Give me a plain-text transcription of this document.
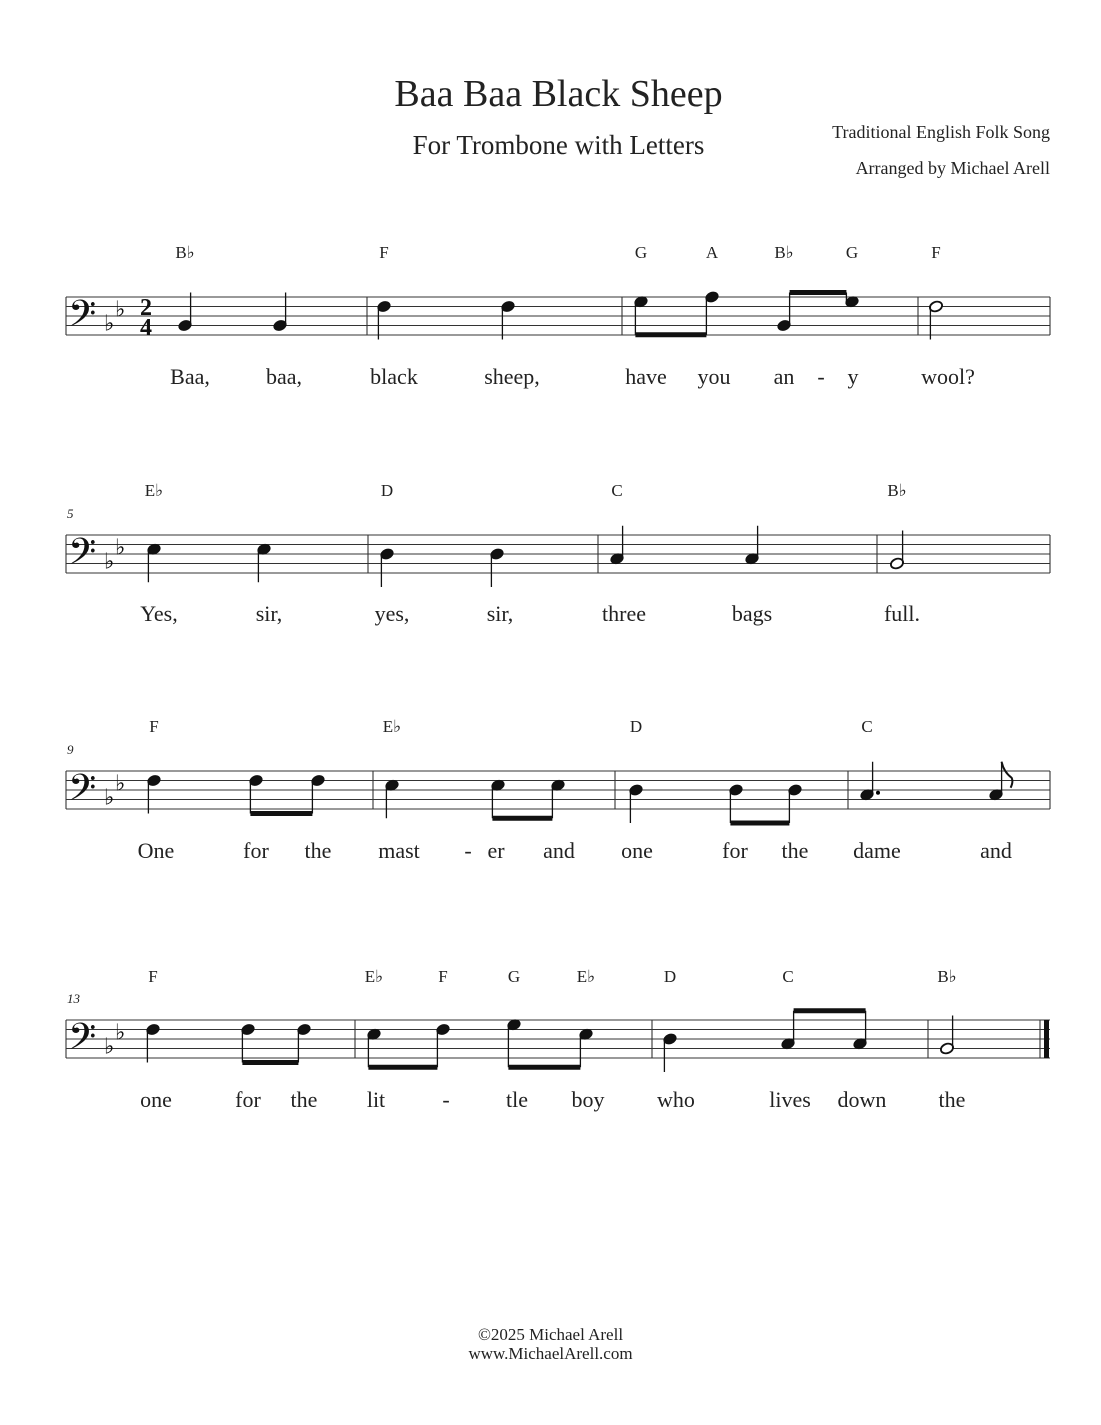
Baa Baa Black Sheep
For Trombone with Letters	Traditional English Folk Song
Arranged by Michael Arell
𝄢 ♭
♭ 2
4
B♭
Baa,	baa,
F
black	sheep,
G
have
A
you
B♭
an -
G
y
F
wool?
𝄢 ♭
♭
5
E♭
Yes,	sir,
D
yes,	sir,
C
three	bags
B♭
full.
𝄢 ♭
♭
9
F
One	for the
E♭
mast - er and
D
one	for the
C
dame	and
𝄢 ♭
♭
13
F
one	for the
E♭
lit
F
-
G
tle
E♭
boy who
D
lives
C
down the
B♭
©2025 Michael Arell
www.MichaelArell.com
